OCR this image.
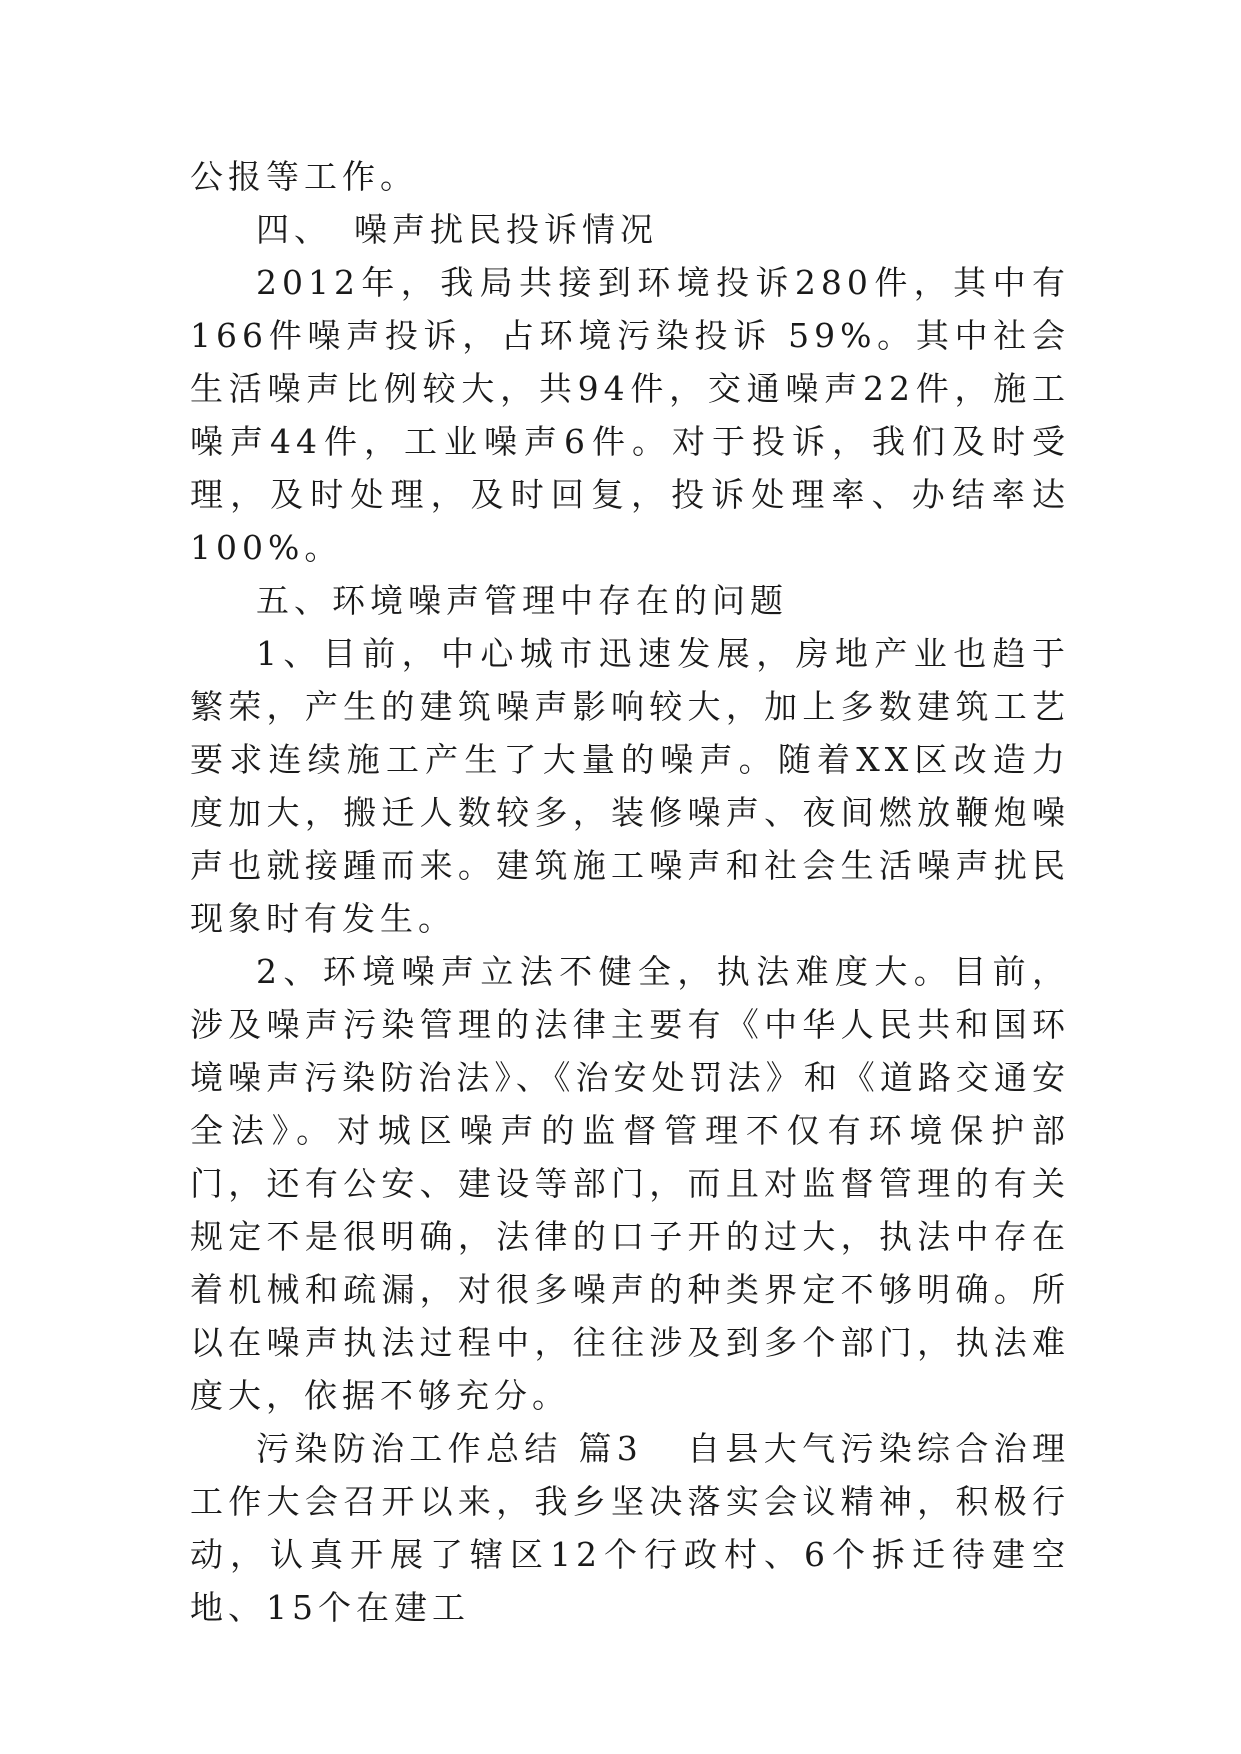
公报等工作。

四、 噪声扰民投诉情况

2012年，我局共接到环境投诉280件，其中有166件噪声投诉，占环境污染投诉 59%。其中社会生活噪声比例较大，共94件，交通噪声22件，施工噪声44件，工业噪声6件。对于投诉，我们及时受理，及时处理，及时回复，投诉处理率、办结率达100%。

五、环境噪声管理中存在的问题

1、目前，中心城市迅速发展，房地产业也趋于繁荣，产生的建筑噪声影响较大，加上多数建筑工艺要求连续施工产生了大量的噪声。随着XX区改造力度加大，搬迁人数较多，装修噪声、夜间燃放鞭炮噪声也就接踵而来。建筑施工噪声和社会生活噪声扰民现象时有发生。

2、环境噪声立法不健全，执法难度大。目前，涉及噪声污染管理的法律主要有《中华人民共和国环境噪声污染防治法》、《治安处罚法》和《道路交通安全法》。对城区噪声的监督管理不仅有环境保护部门，还有公安、建设等部门，而且对监督管理的有关规定不是很明确，法律的口子开的过大，执法中存在着机械和疏漏，对很多噪声的种类界定不够明确。所以在噪声执法过程中，往往涉及到多个部门，执法难度大，依据不够充分。

污染防治工作总结 篇3 自县大气污染综合治理工作大会召开以来，我乡坚决落实会议精神，积极行动，认真开展了辖区12个行政村、6个拆迁待建空地、15个在建工
